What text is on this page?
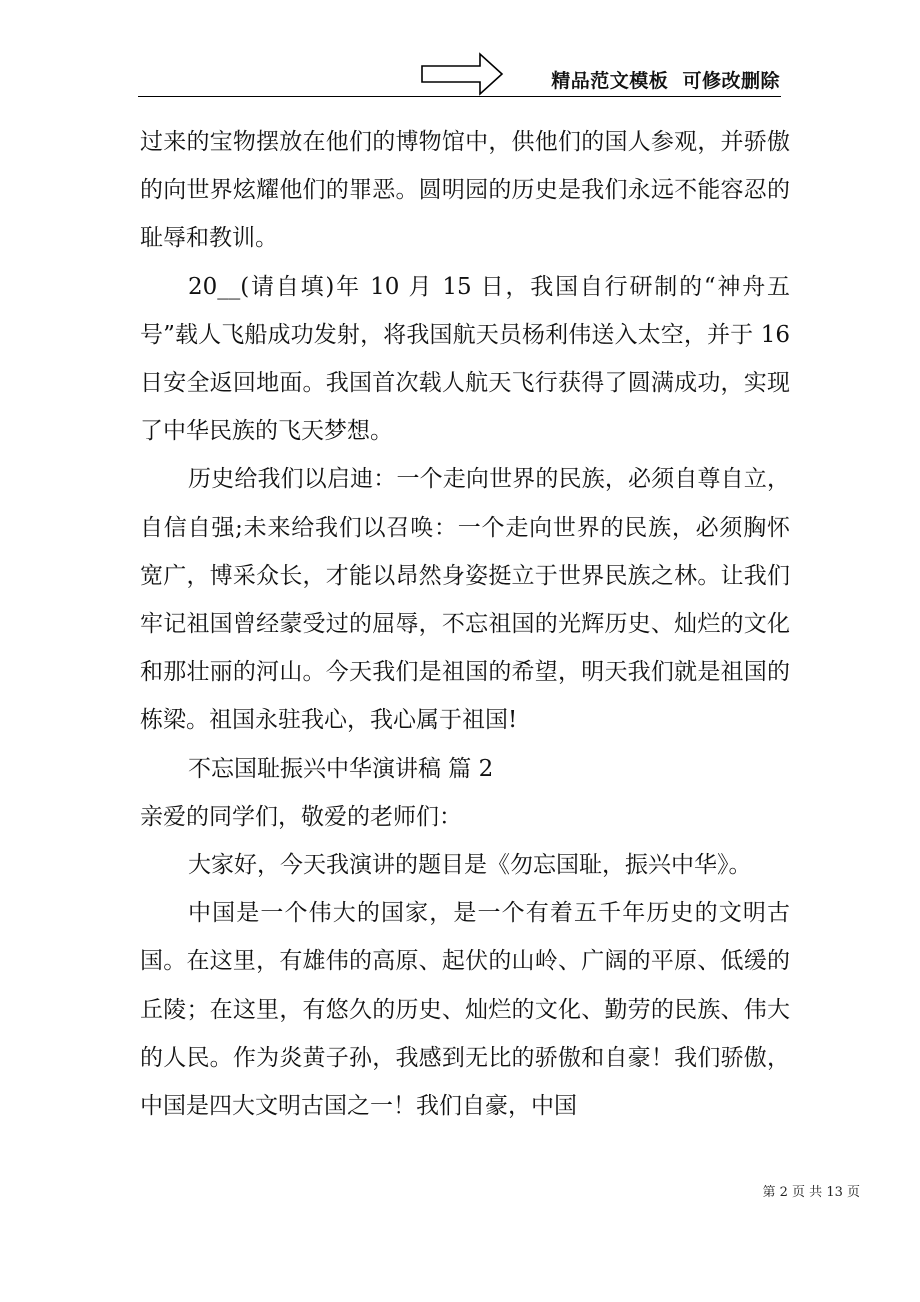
精品范文模板  可修改删除

过来的宝物摆放在他们的博物馆中，供他们的国人参观，并骄傲的向世界炫耀他们的罪恶。圆明园的历史是我们永远不能容忍的耻辱和教训。

20__(请自填)年 10 月 15 日，我国自行研制的“神舟五号”载人飞船成功发射，将我国航天员杨利伟送入太空，并于 16 日安全返回地面。我国首次载人航天飞行获得了圆满成功，实现了中华民族的飞天梦想。

历史给我们以启迪：一个走向世界的民族，必须自尊自立，自信自强;未来给我们以召唤：一个走向世界的民族，必须胸怀宽广，博采众长，才能以昂然身姿挺立于世界民族之林。让我们牢记祖国曾经蒙受过的屈辱，不忘祖国的光辉历史、灿烂的文化和那壮丽的河山。今天我们是祖国的希望，明天我们就是祖国的栋梁。祖国永驻我心，我心属于祖国!

不忘国耻振兴中华演讲稿 篇 2

亲爱的同学们，敬爱的老师们：

大家好，今天我演讲的题目是《勿忘国耻，振兴中华》。

中国是一个伟大的国家，是一个有着五千年历史的文明古国。在这里，有雄伟的高原、起伏的山岭、广阔的平原、低缓的丘陵；在这里，有悠久的历史、灿烂的文化、勤劳的民族、伟大的人民。作为炎黄子孙，我感到无比的骄傲和自豪！我们骄傲，中国是四大文明古国之一！我们自豪，中国

第 2 页 共 13 页
